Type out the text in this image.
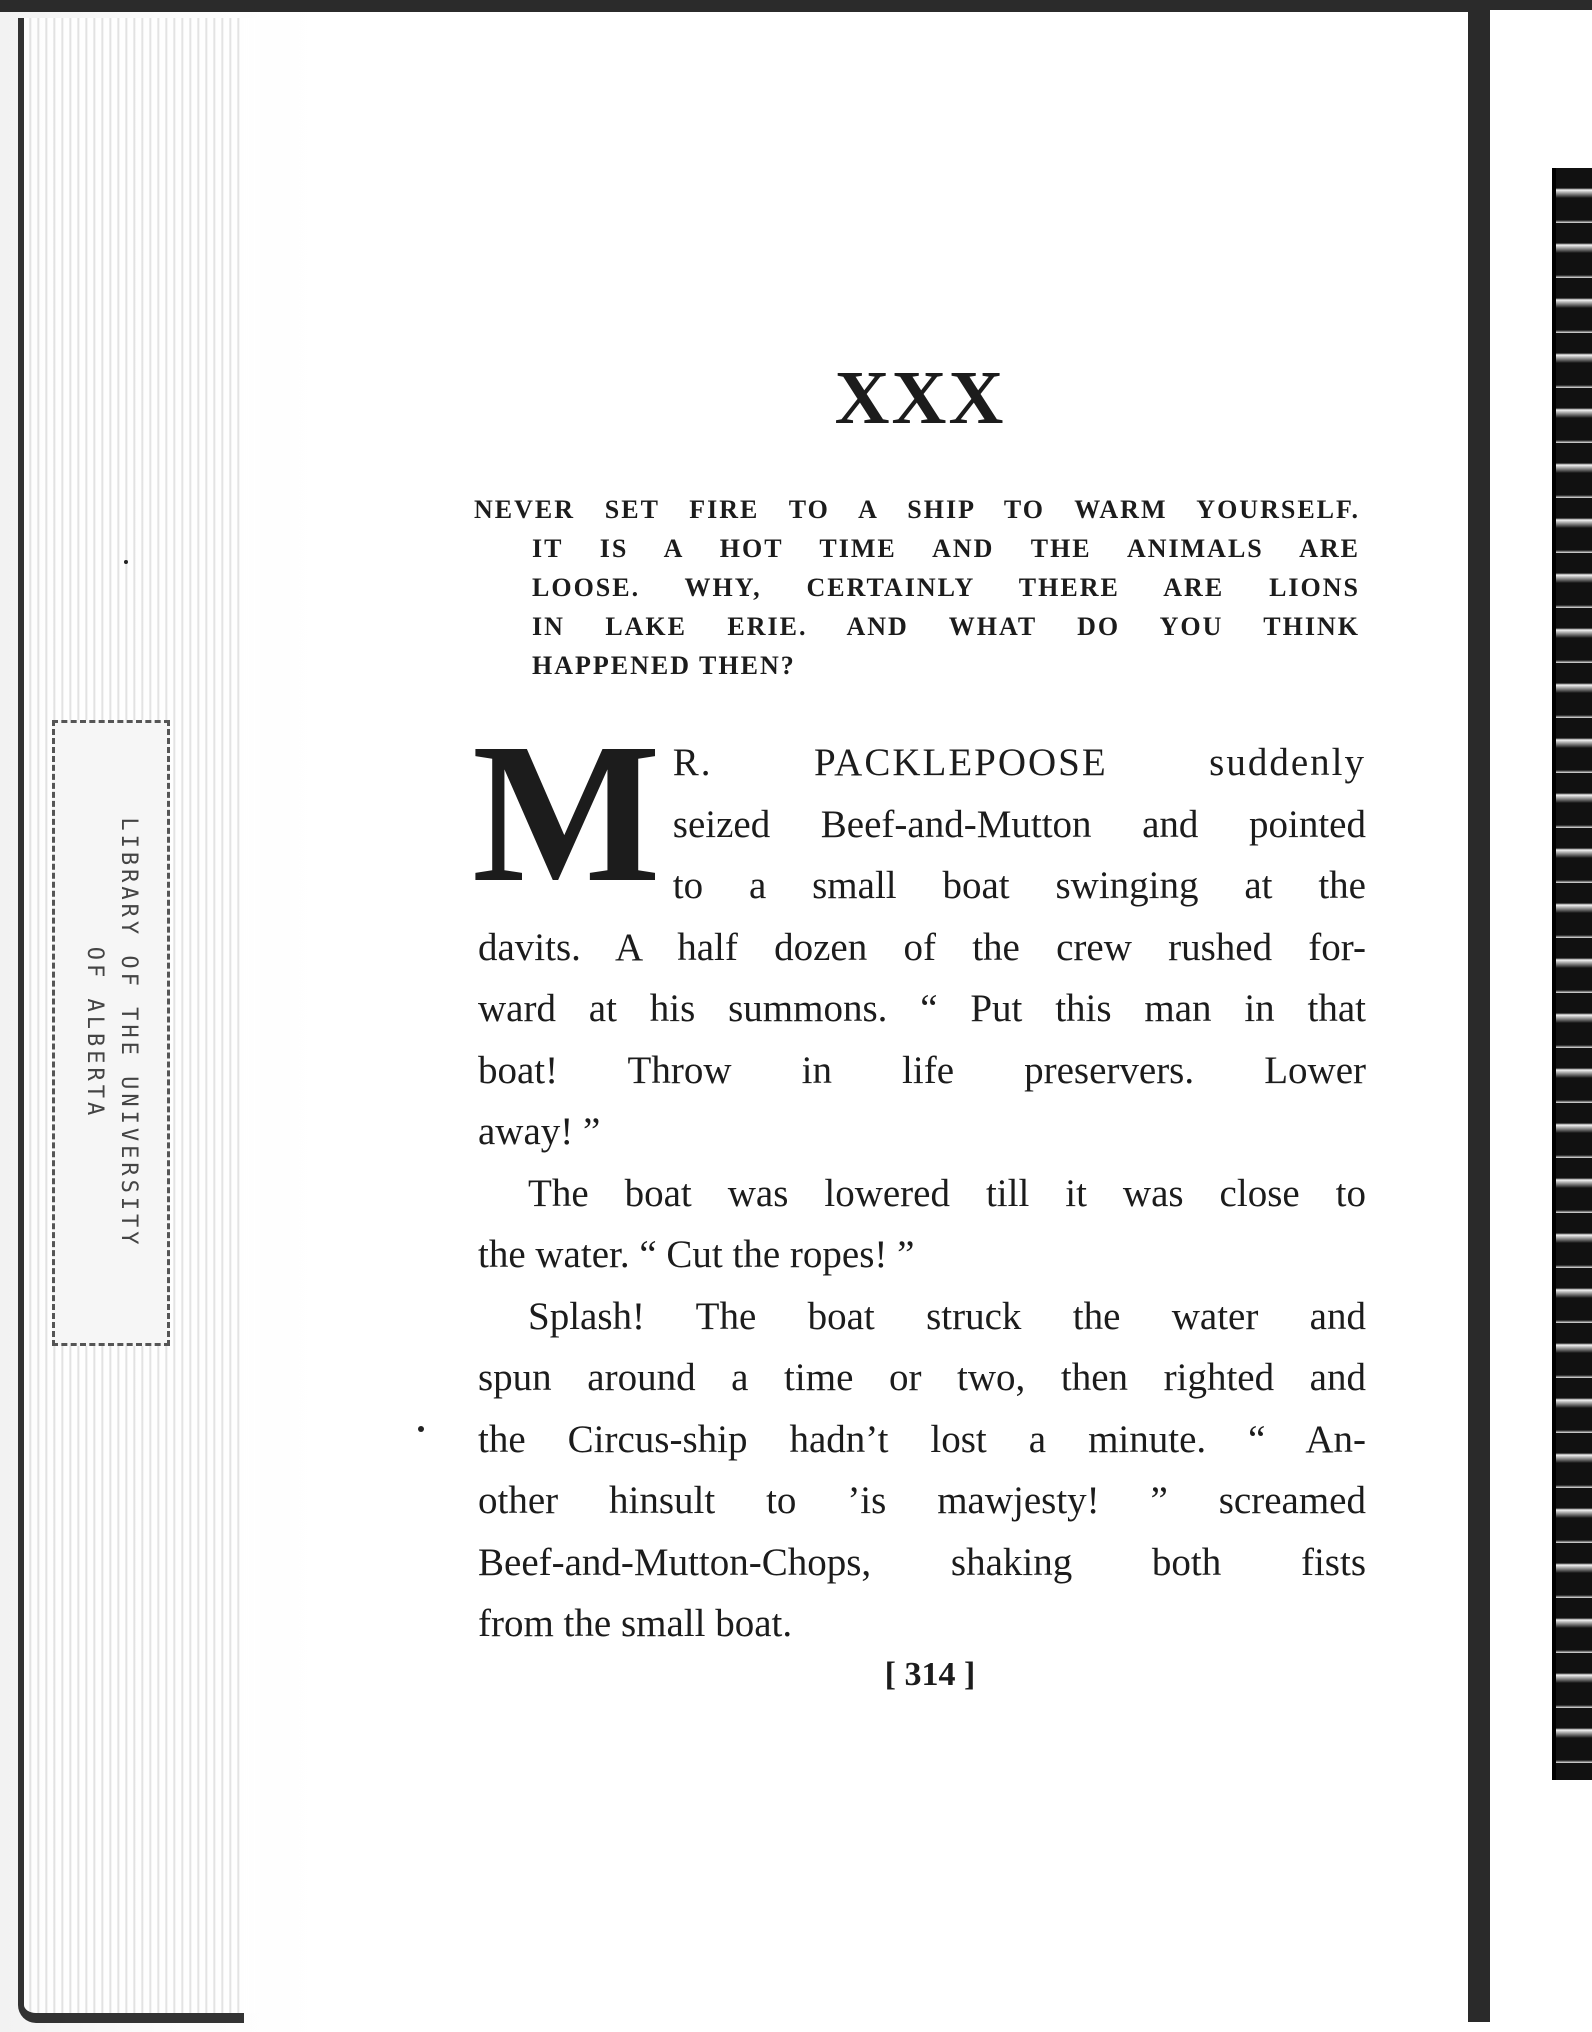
LIBRARY OF THE UNIVERSITY
OF ALBERTA
XXX
NEVER SET FIRE TO A SHIP TO WARM YOURSELF.
IT IS A HOT TIME AND THE ANIMALS ARE
LOOSE. WHY, CERTAINLY THERE ARE LIONS
IN LAKE ERIE. AND WHAT DO YOU THINK
HAPPENED THEN?
M R. PACKLEPOOSE suddenly
seized Beef-and-Mutton and pointed
to a small boat swinging at the
davits. A half dozen of the crew rushed for-
ward at his summons. “ Put this man in that
boat! Throw in life preservers. Lower
away! ”
The boat was lowered till it was close to
the water. “ Cut the ropes! ”
Splash! The boat struck the water and
spun around a time or two, then righted and
the Circus-ship hadn’t lost a minute. “ An-
other hinsult to ’is mawjesty! ” screamed
Beef-and-Mutton-Chops, shaking both fists
from the small boat.
[ 314 ]
